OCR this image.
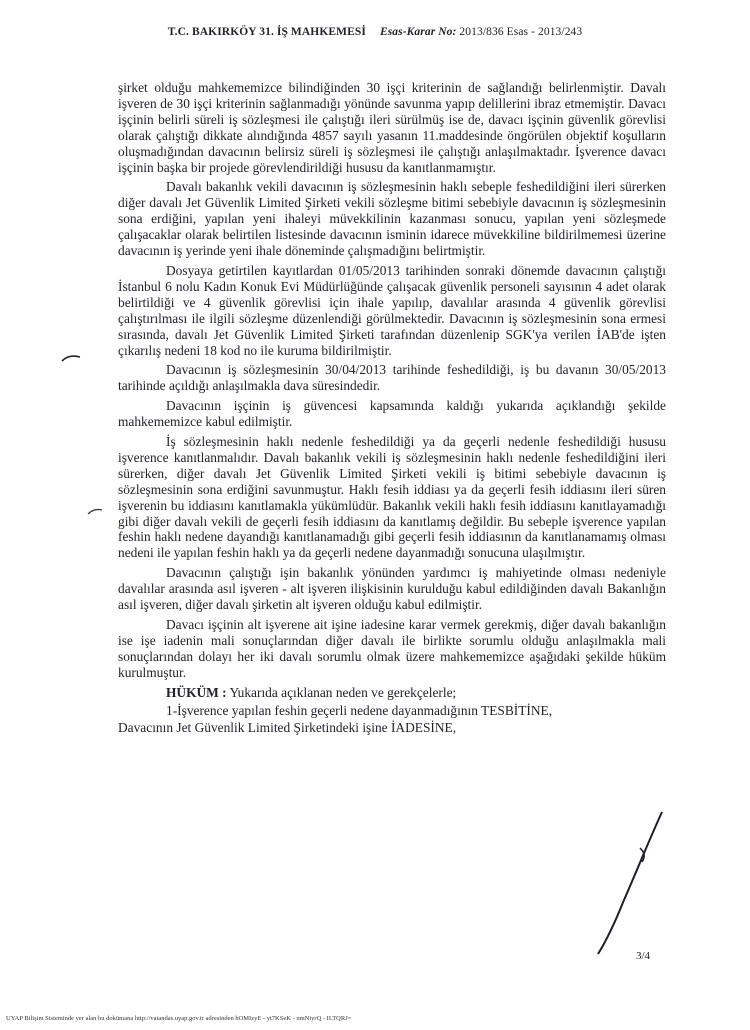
T.C. BAKIRKÖY 31. İŞ MAHKEMESİ Esas-Karar No: 2013/836 Esas - 2013/243

şirket olduğu mahkememizce bilindiğinden 30 işçi kriterinin de sağlandığı belirlenmiştir. Davalı işveren de 30 işçi kriterinin sağlanmadığı yönünde savunma yapıp delillerini ibraz etmemiştir. Davacı işçinin belirli süreli iş sözleşmesi ile çalıştığı ileri sürülmüş ise de, davacı işçinin güvenlik görevlisi olarak çalıştığı dikkate alındığında 4857 sayılı yasanın 11.maddesinde öngörülen objektif koşulların oluşmadığından davacının belirsiz süreli iş sözleşmesi ile çalıştığı anlaşılmaktadır. İşverence davacı işçinin başka bir projede görevlendirildiği hususu da kanıtlanmamıştır.

Davalı bakanlık vekili davacının iş sözleşmesinin haklı sebeple feshedildiğini ileri sürerken diğer davalı Jet Güvenlik Limited Şirketi vekili sözleşme bitimi sebebiyle davacının iş sözleşmesinin sona erdiğini, yapılan yeni ihaleyi müvekkilinin kazanması sonucu, yapılan yeni sözleşmede çalışacaklar olarak belirtilen listesinde davacının isminin idarece müvekkiline bildirilmemesi üzerine davacının iş yerinde yeni ihale döneminde çalışmadığını belirtmiştir.

Dosyaya getirtilen kayıtlardan 01/05/2013 tarihinden sonraki dönemde davacının çalıştığı İstanbul 6 nolu Kadın Konuk Evi Müdürlüğünde çalışacak güvenlik personeli sayısının 4 adet olarak belirtildiği ve 4 güvenlik görevlisi için ihale yapılıp, davalılar arasında 4 güvenlik görevlisi çalıştırılması ile ilgili sözleşme düzenlendiği görülmektedir. Davacının iş sözleşmesinin sona ermesi sırasında, davalı Jet Güvenlik Limited Şirketi tarafından düzenlenip SGK'ya verilen İAB'de işten çıkarılış nedeni 18 kod no ile kuruma bildirilmiştir.

Davacının iş sözleşmesinin 30/04/2013 tarihinde feshedildiği, iş bu davanın 30/05/2013 tarihinde açıldığı anlaşılmakla dava süresindedir.

Davacının işçinin iş güvencesi kapsamında kaldığı yukarıda açıklandığı şekilde mahkememizce kabul edilmiştir.

İş sözleşmesinin haklı nedenle feshedildiği ya da geçerli nedenle feshedildiği hususu işverence kanıtlanmalıdır. Davalı bakanlık vekili iş sözleşmesinin haklı nedenle feshedildiğini ileri sürerken, diğer davalı Jet Güvenlik Limited Şirketi vekili iş bitimi sebebiyle davacının iş sözleşmesinin sona erdiğini savunmuştur. Haklı fesih iddiası ya da geçerli fesih iddiasını ileri süren işverenin bu iddiasını kanıtlamakla yükümlüdür. Bakanlık vekili haklı fesih iddiasını kanıtlayamadığı gibi diğer davalı vekili de geçerli fesih iddiasını da kanıtlamış değildir. Bu sebeple işverence yapılan feshin haklı nedene dayandığı kanıtlanamadığı gibi geçerli fesih iddiasının da kanıtlanamamış olması nedeni ile yapılan feshin haklı ya da geçerli nedene dayanmadığı sonucuna ulaşılmıştır.

Davacının çalıştığı işin bakanlık yönünden yardımcı iş mahiyetinde olması nedeniyle davalılar arasında asıl işveren - alt işveren ilişkisinin kurulduğu kabul edildiğinden davalı Bakanlığın asıl işveren, diğer davalı şirketin alt işveren olduğu kabul edilmiştir.

Davacı işçinin alt işverene ait işine iadesine karar vermek gerekmiş, diğer davalı bakanlığın ise işe iadenin mali sonuçlarından diğer davalı ile birlikte sorumlu olduğu anlaşılmakla mali sonuçlarından dolayı her iki davalı sorumlu olmak üzere mahkememizce aşağıdaki şekilde hüküm kurulmuştur.

HÜKÜM : Yukarıda açıklanan neden ve gerekçelerle;

1-İşverence yapılan feshin geçerli nedene dayanmadığının TESBİTİNE,

Davacının Jet Güvenlik Limited Şirketindeki işine İADESİNE,

3/4
UYAP Bilişim Sisteminde yer alan bu dokümana http://vatandas.uyap.gov.tr adresinden hOMIzyE - yt7KSeK - nmNiyrQ - ILTQRJ=
